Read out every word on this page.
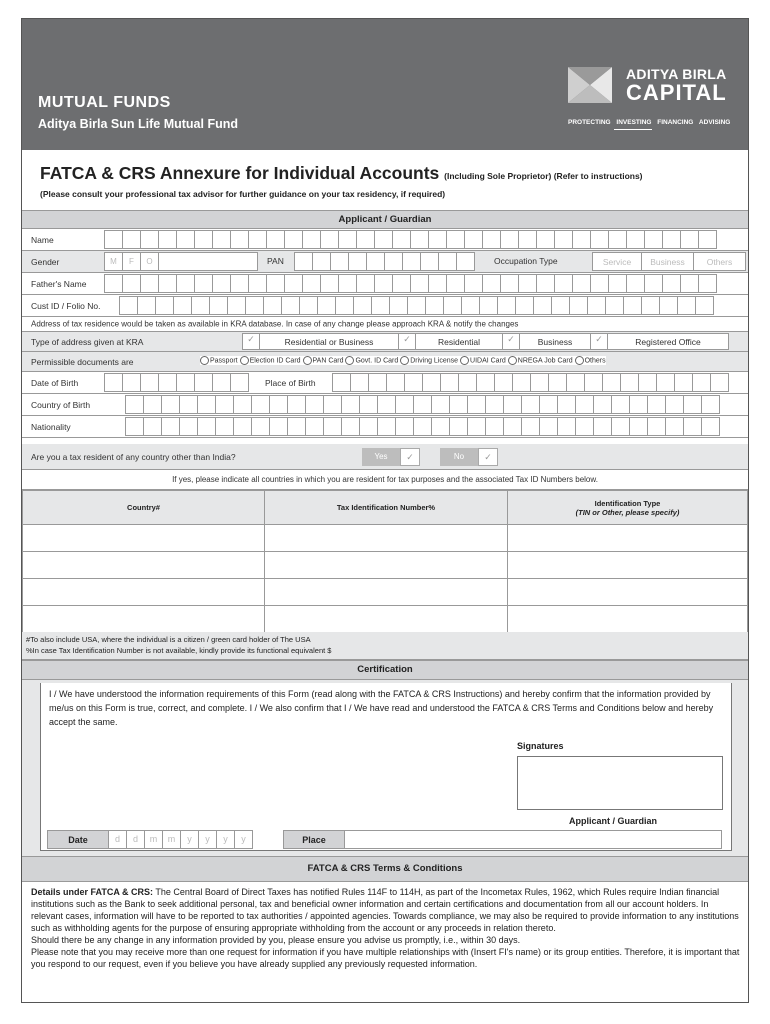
MUTUAL FUNDS
Aditya Birla Sun Life Mutual Fund
ADITYA BIRLA
CAPITAL
PROTECTING INVESTING FINANCING ADVISING
FATCA & CRS Annexure for Individual Accounts (Including Sole Proprietor) (Refer to instructions)
(Please consult your professional tax advisor for further guidance on your tax residency, if required)
Applicant / Guardian
Name
Gender	M	F	O	PAN	Occupation Type	Service	Business	Others
Father's Name
Cust ID / Folio No.
Address of tax residence would be taken as available in KRA database. In case of any change please approach KRA & notify the changes
Type of address given at KRA	✓	Residential or Business	✓	Residential	✓	Business	✓	Registered Office
Permissible documents are	Passport Election ID Card PAN Card Govt. ID Card Driving License UIDAI Card NREGA Job Card Others
Date of Birth	Place of Birth
Country of Birth
Nationality
Are you a tax resident of any country other than India?	Yes	✓	No	✓
If yes, please indicate all countries in which you are resident for tax purposes and the associated Tax ID Numbers below.
Country#	Tax Identification Number%	Identification Type
(TIN or Other, please specify)

#To also include USA, where the individual is a citizen / green card holder of The USA
%In case Tax Identification Number is not available, kindly provide its functional equivalent $
Certification
I / We have understood the information requirements of this Form (read along with the FATCA & CRS Instructions) and hereby confirm that the information provided by me/us on this Form is true, correct, and complete. I / We also confirm that I / We have read and understood the FATCA & CRS Terms and Conditions below and hereby accept the same.
Signatures
Applicant / Guardian
Date	d	d	m	m	y	y	y	y	Place
FATCA & CRS Terms & Conditions

Details under FATCA & CRS: The Central Board of Direct Taxes has notified Rules 114F to 114H, as part of the Incometax Rules, 1962, which Rules require Indian financial institutions such as the Bank to seek additional personal, tax and beneficial owner information and certain certifications and documentation from all our account holders. In relevant cases, information will have to be reported to tax authorities / appointed agencies. Towards compliance, we may also be required to provide information to any institutions such as withholding agents for the purpose of ensuring appropriate withholding from the account or any proceeds in relation thereto.

Should there be any change in any information provided by you, please ensure you advise us promptly, i.e., within 30 days.

Please note that you may receive more than one request for information if you have multiple relationships with (Insert FI's name) or its group entities. Therefore, it is important that you respond to our request, even if you believe you have already supplied any previously requested information.
